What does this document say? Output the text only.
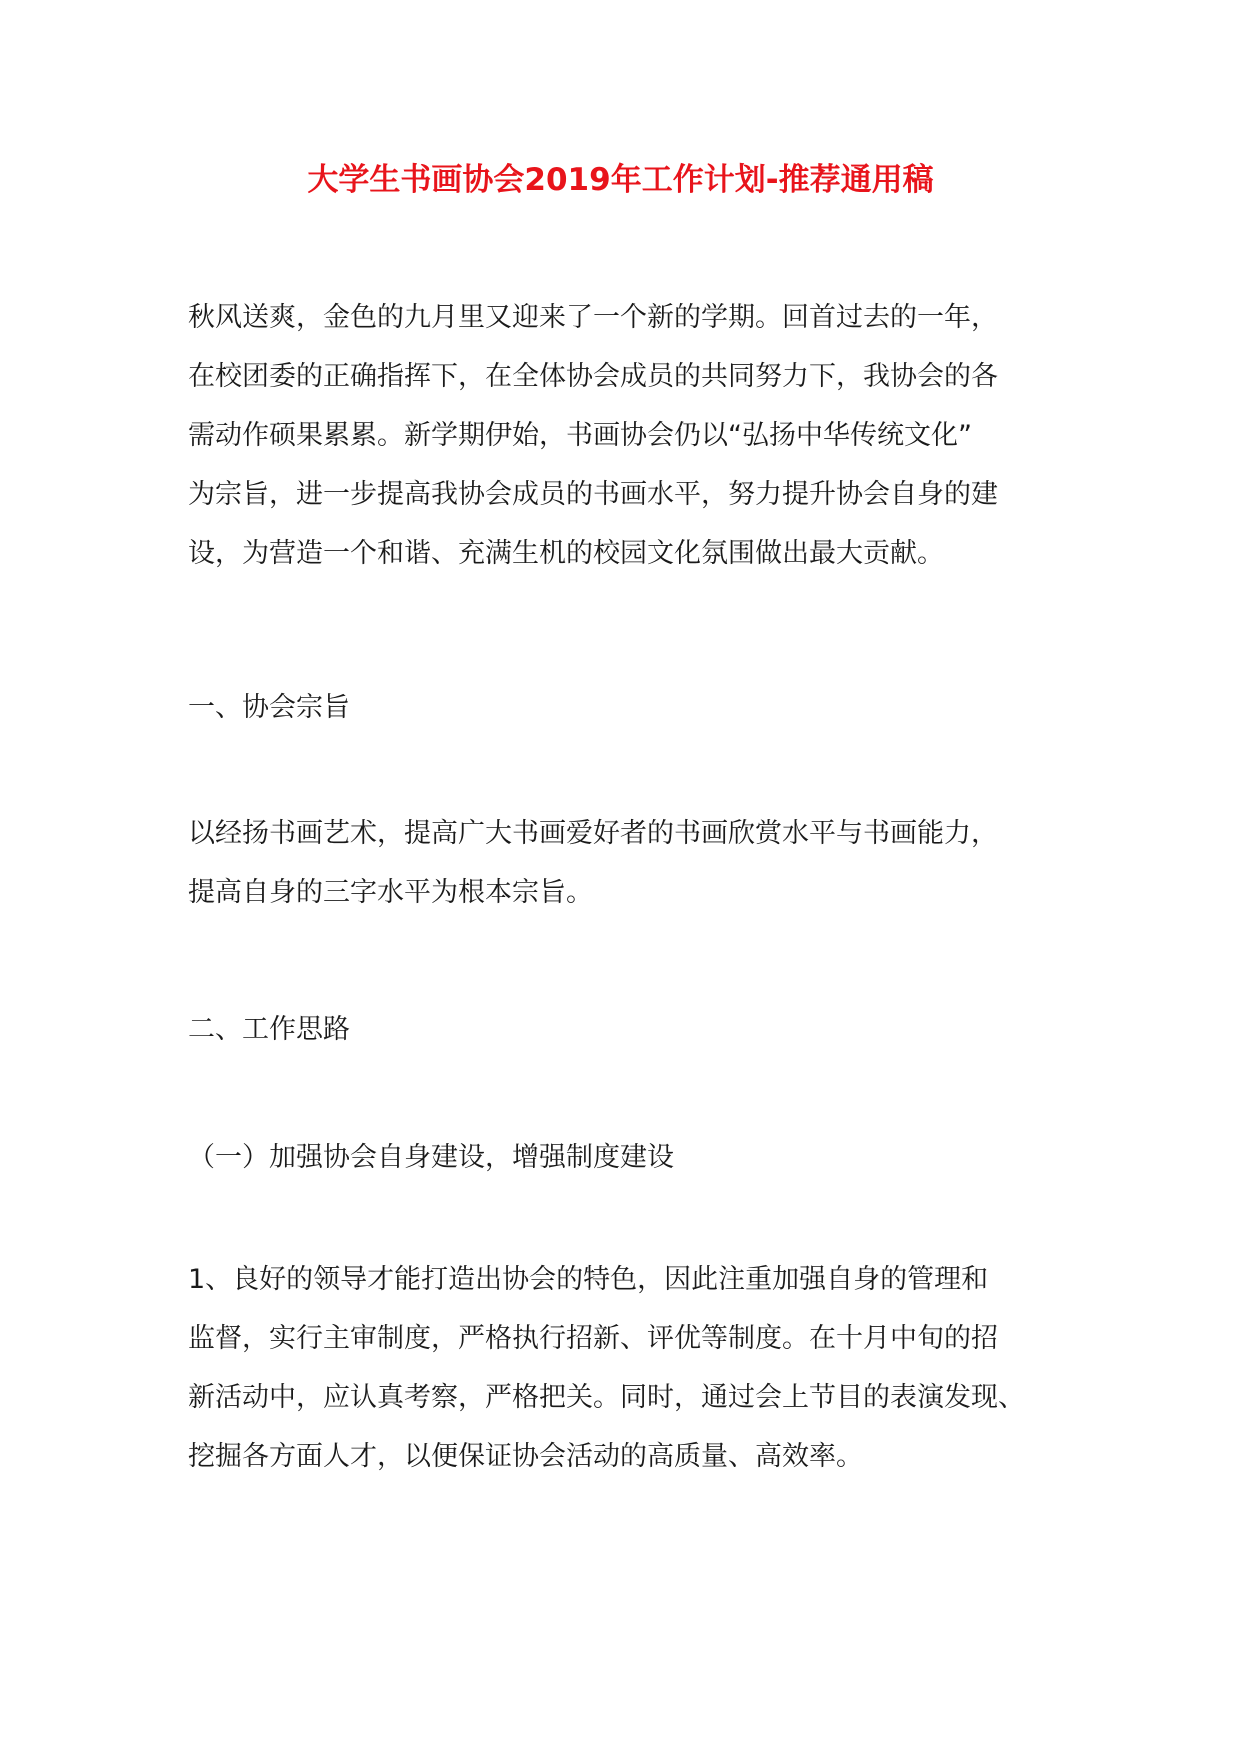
大学生书画协会2019年工作计划-推荐通用稿

秋风送爽，金色的九月里又迎来了一个新的学期。回首过去的一年，
在校团委的正确指挥下，在全体协会成员的共同努力下，我协会的各
需动作硕果累累。新学期伊始，书画协会仍以“弘扬中华传统文化”
为宗旨，进一步提高我协会成员的书画水平，努力提升协会自身的建
设，为营造一个和谐、充满生机的校园文化氛围做出最大贡献。

一、协会宗旨

以经扬书画艺术，提高广大书画爱好者的书画欣赏水平与书画能力，
提高自身的三字水平为根本宗旨。

二、工作思路

（一）加强协会自身建设，增强制度建设

1、良好的领导才能打造出协会的特色，因此注重加强自身的管理和
监督，实行主审制度，严格执行招新、评优等制度。在十月中旬的招
新活动中，应认真考察，严格把关。同时，通过会上节目的表演发现、
挖掘各方面人才，以便保证协会活动的高质量、高效率。
